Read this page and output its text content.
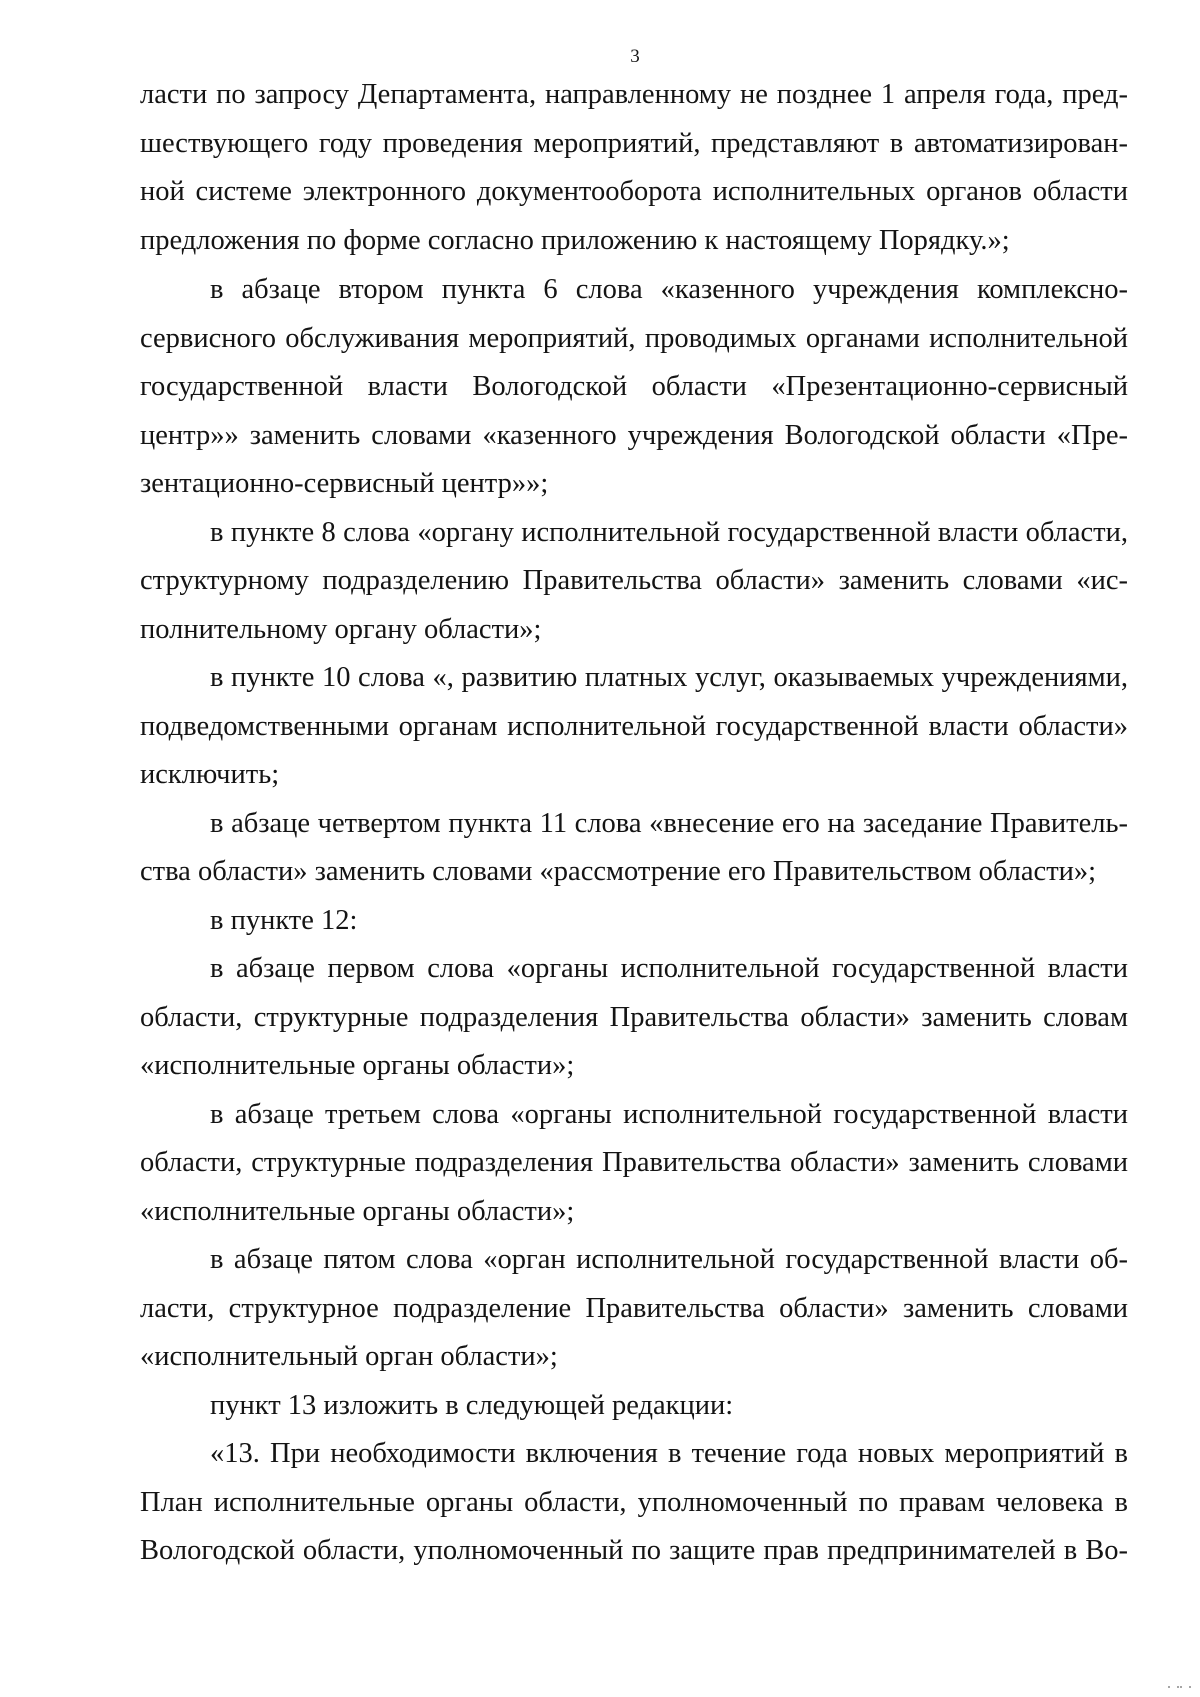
3
ласти по запросу Департамента, направленному не позднее 1 апреля года, пред-
шествующего году проведения мероприятий, представляют в автоматизирован-
ной системе электронного документооборота исполнительных органов области
предложения по форме согласно приложению к настоящему Порядку.»;
в абзаце втором пункта 6 слова «казенного учреждения комплексно-
сервисного обслуживания мероприятий, проводимых органами исполнительной
государственной власти Вологодской области «Презентационно-сервисный
центр»» заменить словами «казенного учреждения Вологодской области «Пре-
зентационно-сервисный центр»»;
в пункте 8 слова «органу исполнительной государственной власти области,
структурному подразделению Правительства области» заменить словами «ис-
полнительному органу области»;
в пункте 10 слова «, развитию платных услуг, оказываемых учреждениями,
подведомственными органам исполнительной государственной власти области»
исключить;
в абзаце четвертом пункта 11 слова «внесение его на заседание Правитель-
ства области» заменить словами «рассмотрение его Правительством области»;
в пункте 12:
в абзаце первом слова «органы исполнительной государственной власти
области, структурные подразделения Правительства области» заменить словам
«исполнительные органы области»;
в абзаце третьем слова «органы исполнительной государственной власти
области, структурные подразделения Правительства области» заменить словами
«исполнительные органы области»;
в абзаце пятом слова «орган исполнительной государственной власти об-
ласти, структурное подразделение Правительства области» заменить словами
«исполнительный орган области»;
пункт 13 изложить в следующей редакции:
«13. При необходимости включения в течение года новых мероприятий в
План исполнительные органы области, уполномоченный по правам человека в
Вологодской области, уполномоченный по защите прав предпринимателей в Во-
